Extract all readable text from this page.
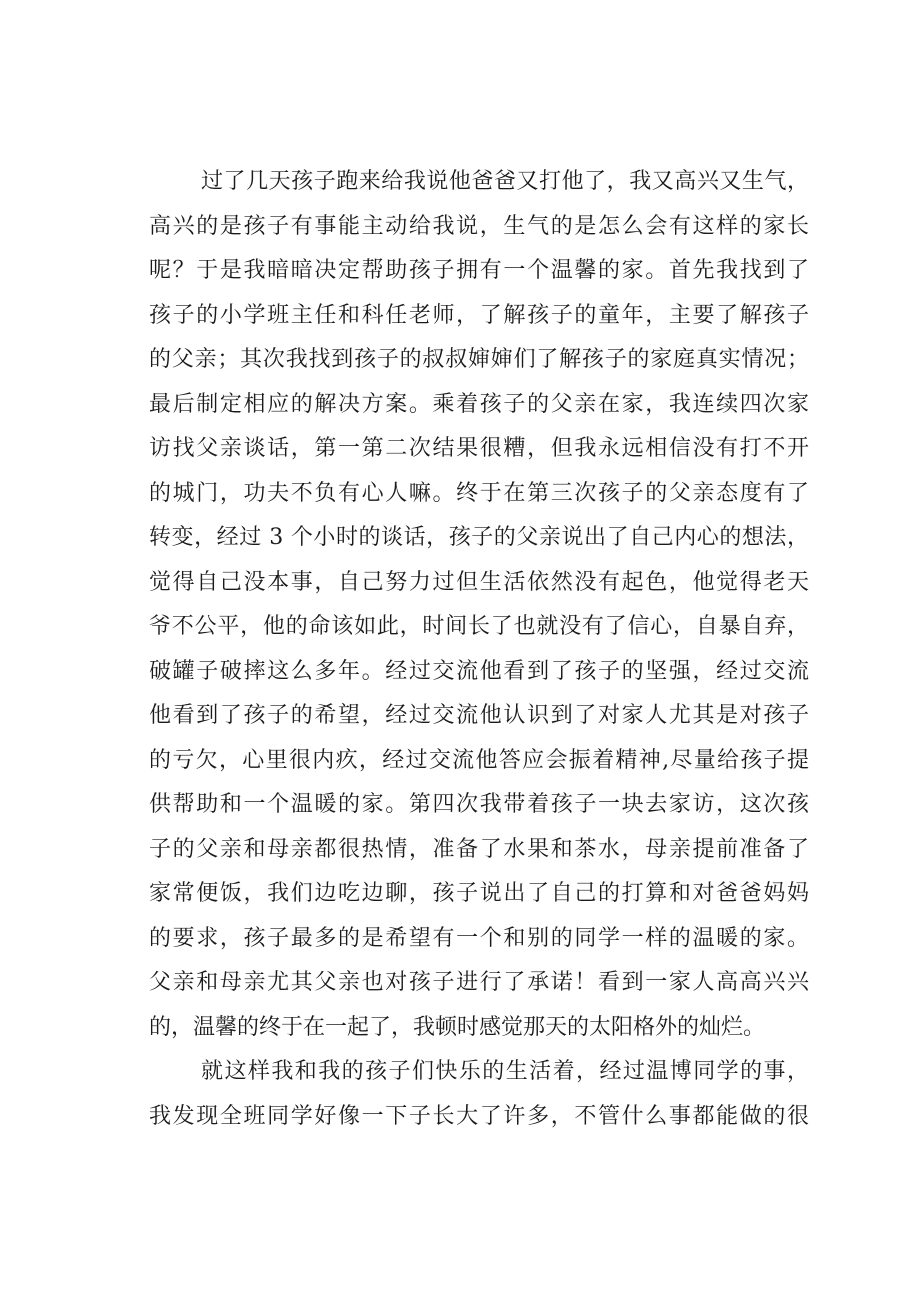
过了几天孩子跑来给我说他爸爸又打他了，我又高兴又生气，
高兴的是孩子有事能主动给我说，生气的是怎么会有这样的家长
呢？于是我暗暗决定帮助孩子拥有一个温馨的家。首先我找到了
孩子的小学班主任和科任老师，了解孩子的童年，主要了解孩子
的父亲；其次我找到孩子的叔叔婶婶们了解孩子的家庭真实情况；
最后制定相应的解决方案。乘着孩子的父亲在家，我连续四次家
访找父亲谈话，第一第二次结果很糟，但我永远相信没有打不开
的城门，功夫不负有心人嘛。终于在第三次孩子的父亲态度有了
转变，经过 3 个小时的谈话，孩子的父亲说出了自己内心的想法，
觉得自己没本事，自己努力过但生活依然没有起色，他觉得老天
爷不公平，他的命该如此，时间长了也就没有了信心，自暴自弃，
破罐子破摔这么多年。经过交流他看到了孩子的坚强，经过交流
他看到了孩子的希望，经过交流他认识到了对家人尤其是对孩子
的亏欠，心里很内疚，经过交流他答应会振着精神,尽量给孩子提
供帮助和一个温暖的家。第四次我带着孩子一块去家访，这次孩
子的父亲和母亲都很热情，准备了水果和茶水，母亲提前准备了
家常便饭，我们边吃边聊，孩子说出了自己的打算和对爸爸妈妈
的要求，孩子最多的是希望有一个和别的同学一样的温暖的家。
父亲和母亲尤其父亲也对孩子进行了承诺！看到一家人高高兴兴
的，温馨的终于在一起了，我顿时感觉那天的太阳格外的灿烂。
就这样我和我的孩子们快乐的生活着，经过温博同学的事，
我发现全班同学好像一下子长大了许多，不管什么事都能做的很
